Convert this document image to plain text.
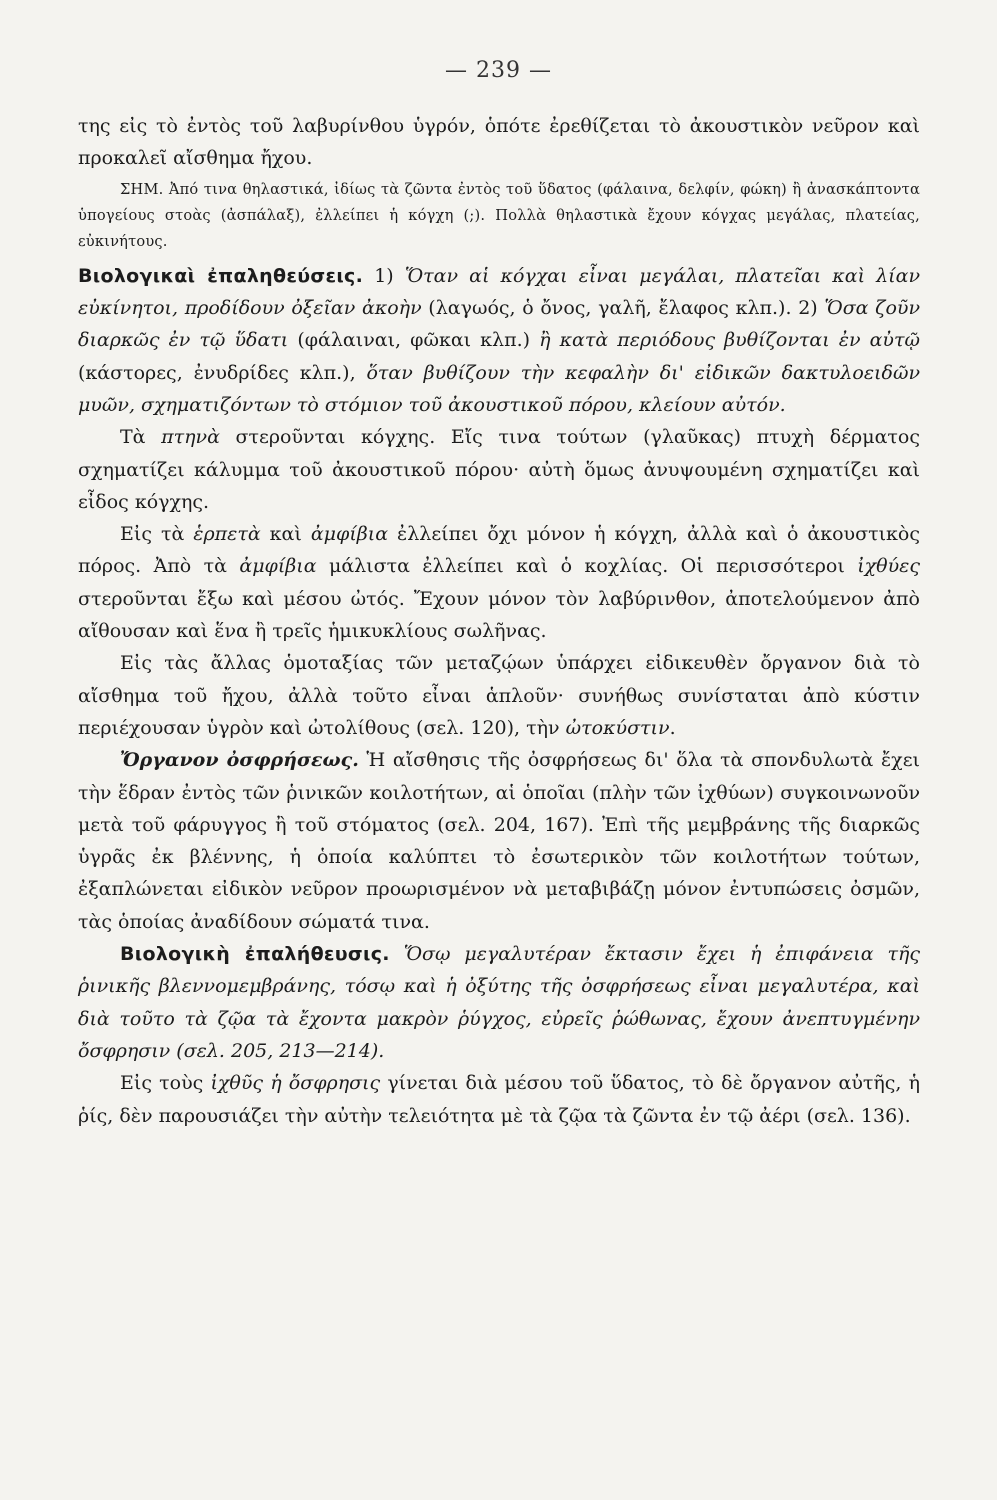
— 239 —

της εἰς τὸ ἐντὸς τοῦ λαβυρίνθου ὑγρόν, ὁπότε ἐρεθίζεται τὸ ἀκουστικὸν νεῦρον καὶ προκαλεῖ αἴσθημα ἤχου.

ΣΗΜ. Ἀπό τινα θηλαστικά, ἰδίως τὰ ζῶντα ἐντὸς τοῦ ὕδατος (φάλαινα, δελφίν, φώκη) ἢ ἀνασκάπτοντα ὑπογείους στοὰς (ἀσπάλαξ), ἐλλείπει ἡ κόγχη (;). Πολλὰ θηλαστικὰ ἔχουν κόγχας μεγάλας, πλατείας, εὐκινήτους.

Βιολογικαὶ ἐπαληθεύσεις. 1) Ὅταν αἱ κόγχαι εἶναι μεγάλαι, πλατεῖαι καὶ λίαν εὐκίνητοι, προδίδουν ὀξεῖαν ἀκοὴν (λαγωός, ὁ ὄνος, γαλῆ, ἔλαφος κλπ.). 2) Ὅσα ζοῦν διαρκῶς ἐν τῷ ὕδατι (φάλαιναι, φῶκαι κλπ.) ἢ κατὰ περιόδους βυθίζονται ἐν αὐτῷ (κάστορες, ἐνυδρίδες κλπ.), ὅταν βυθίζουν τὴν κεφαλὴν δι' εἰδικῶν δακτυλοειδῶν μυῶν, σχηματιζόντων τὸ στόμιον τοῦ ἀκουστικοῦ πόρου, κλείουν αὐτόν.

Τὰ πτηνὰ στεροῦνται κόγχης. Εἴς τινα τούτων (γλαῦκας) πτυχὴ δέρματος σχηματίζει κάλυμμα τοῦ ἀκουστικοῦ πόρου· αὐτὴ ὅμως ἀνυψουμένη σχηματίζει καὶ εἶδος κόγχης.

Εἰς τὰ ἑρπετὰ καὶ ἀμφίβια ἐλλείπει ὄχι μόνον ἡ κόγχη, ἀλλὰ καὶ ὁ ἀκουστικὸς πόρος. Ἀπὸ τὰ ἀμφίβια μάλιστα ἐλλείπει καὶ ὁ κοχλίας. Οἱ περισσότεροι ἰχθύες στεροῦνται ἔξω καὶ μέσου ὠτός. Ἔχουν μόνον τὸν λαβύρινθον, ἀποτελούμενον ἀπὸ αἴθουσαν καὶ ἕνα ἢ τρεῖς ἡμικυκλίους σωλῆνας.

Εἰς τὰς ἄλλας ὁμοταξίας τῶν μεταζῴων ὑπάρχει εἰδικευθὲν ὄργανον διὰ τὸ αἴσθημα τοῦ ἤχου, ἀλλὰ τοῦτο εἶναι ἁπλοῦν· συνήθως συνίσταται ἀπὸ κύστιν περιέχουσαν ὑγρὸν καὶ ὠτολίθους (σελ. 120), τὴν ὠτοκύστιν.

Ὄργανον ὀσφρήσεως. Ἡ αἴσθησις τῆς ὀσφρήσεως δι' ὅλα τὰ σπονδυλωτὰ ἔχει τὴν ἕδραν ἐντὸς τῶν ῥινικῶν κοιλοτήτων, αἱ ὁποῖαι (πλὴν τῶν ἰχθύων) συγκοινωνοῦν μετὰ τοῦ φάρυγγος ἢ τοῦ στόματος (σελ. 204, 167). Ἐπὶ τῆς μεμβράνης τῆς διαρκῶς ὑγρᾶς ἐκ βλέννης, ἡ ὁποία καλύπτει τὸ ἐσωτερικὸν τῶν κοιλοτήτων τούτων, ἐξαπλώνεται εἰδικὸν νεῦρον προωρισμένον νὰ μεταβιβάζῃ μόνον ἐντυπώσεις ὀσμῶν, τὰς ὁποίας ἀναδίδουν σώματά τινα.

Βιολογικὴ ἐπαλήθευσις. Ὅσῳ μεγαλυτέραν ἔκτασιν ἔχει ἡ ἐπιφάνεια τῆς ῥινικῆς βλεννομεμβράνης, τόσῳ καὶ ἡ ὀξύτης τῆς ὀσφρήσεως εἶναι μεγαλυτέρα, καὶ διὰ τοῦτο τὰ ζῷα τὰ ἔχοντα μακρὸν ῥύγχος, εὐρεῖς ῥώθωνας, ἔχουν ἀνεπτυγμένην ὄσφρησιν (σελ. 205, 213—214).

Εἰς τοὺς ἰχθῦς ἡ ὄσφρησις γίνεται διὰ μέσου τοῦ ὕδατος, τὸ δὲ ὄργανον αὐτῆς, ἡ ῥίς, δὲν παρουσιάζει τὴν αὐτὴν τελειότητα μὲ τὰ ζῷα τὰ ζῶντα ἐν τῷ ἀέρι (σελ. 136).
